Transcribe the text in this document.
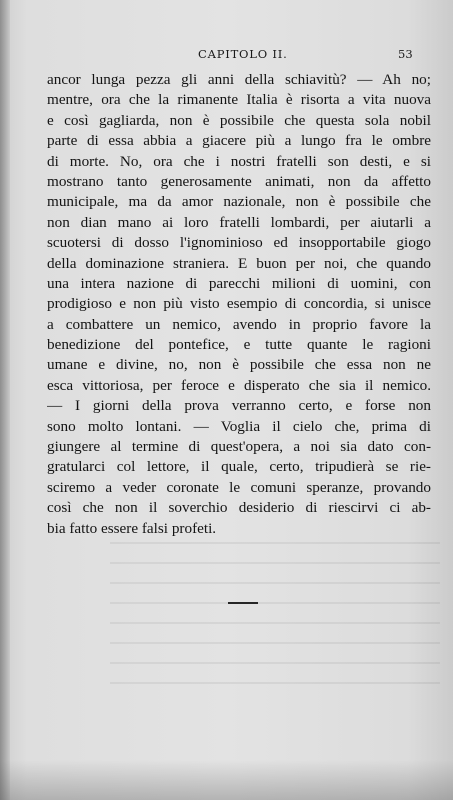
CAPITOLO II.	53
ancor lunga pezza gli anni della schiavitù? — Ah no;
mentre, ora che la rimanente Italia è risorta a vita nuova
e così gagliarda, non è possibile che questa sola nobil
parte di essa abbia a giacere più a lungo fra le ombre
di morte. No, ora che i nostri fratelli son desti, e si
mostrano tanto generosamente animati, non da affetto
municipale, ma da amor nazionale, non è possibile che
non dian mano ai loro fratelli lombardi, per aiutarli a
scuotersi di dosso l'ignominioso ed insopportabile giogo
della dominazione straniera. E buon per noi, che quando
una intera nazione di parecchi milioni di uomini, con
prodigioso e non più visto esempio di concordia, si unisce
a combattere un nemico, avendo in proprio favore la
benedizione del pontefice, e tutte quante le ragioni
umane e divine, no, non è possibile che essa non ne
esca vittoriosa, per feroce e disperato che sia il nemico.
— I giorni della prova verranno certo, e forse non
sono molto lontani. — Voglia il cielo che, prima di
giungere al termine di quest'opera, a noi sia dato con-
gratularci col lettore, il quale, certo, tripudierà se rie-
sciremo a veder coronate le comuni speranze, provando
così che non il soverchio desiderio di riescirvi ci ab-
bia fatto essere falsi profeti.
